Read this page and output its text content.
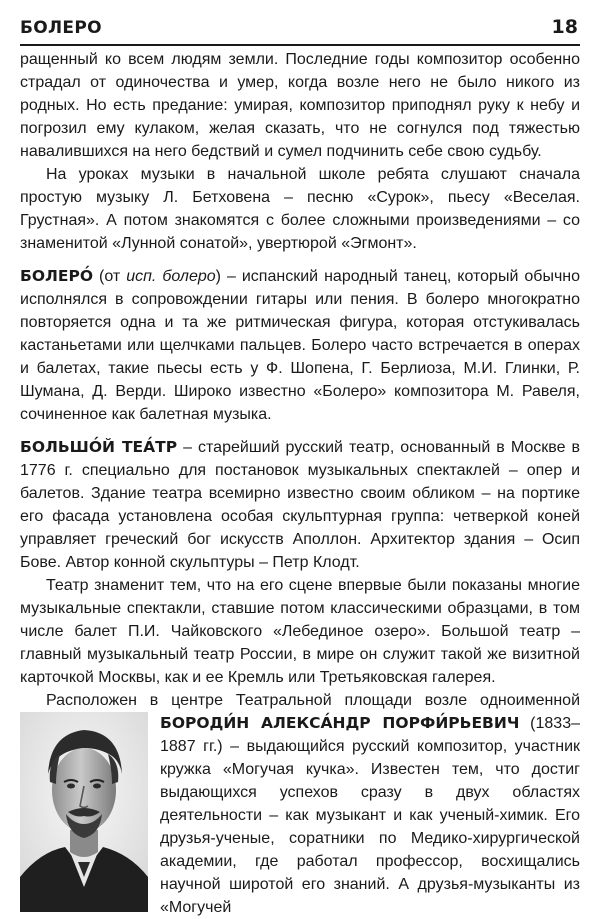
БОЛЕРО	18

ращенный ко всем людям земли. Последние годы композитор особенно страдал от одиночества и умер, когда возле него не было никого из родных. Но есть предание: умирая, композитор приподнял руку к небу и погрозил ему кулаком, желая сказать, что не согнулся под тяжестью навалившихся на него бедствий и сумел подчинить себе свою судьбу.

На уроках музыки в начальной школе ребята слушают сначала простую музыку Л. Бетховена – песню «Сурок», пьесу «Веселая. Грустная». А потом знакомятся с более сложными произведениями – со знаменитой «Лунной сонатой», увертюрой «Эгмонт».

БОЛЕРО́ (от исп. болеро) – испанский народный танец, который обычно исполнялся в сопровождении гитары или пения. В болеро многократно повторяется одна и та же ритмическая фигура, которая отстукивалась кастаньетами или щелчками пальцев. Болеро часто встречается в операх и балетах, такие пьесы есть у Ф. Шопена, Г. Берлиоза, М.И. Глинки, Р. Шумана, Д. Верди. Широко известно «Болеро» композитора М. Равеля, сочиненное как балетная музыка.

БОЛЬШО́Й ТЕА́ТР – старейший русский театр, основанный в Москве в 1776 г. специально для постановок музыкальных спектаклей – опер и балетов. Здание театра всемирно известно своим обликом – на портике его фасада установлена особая скульптурная группа: четверкой коней управляет греческий бог искусств Аполлон. Архитектор здания – Осип Бове. Автор конной скульптуры – Петр Клодт.

Театр знаменит тем, что на его сцене впервые были показаны многие музыкальные спектакли, ставшие потом классическими образцами, в том числе балет П.И. Чайковского «Лебединое озеро». Большой театр – главный музыкальный театр России, в мире он служит такой же визитной карточкой Москвы, как и ее Кремль или Третьяковская галерея.

Расположен в центре Театральной площади возле одноименной

БОРОДИ́Н АЛЕКСА́НДР ПОРФИ́РЬЕВИЧ (1833–1887 гг.) – выдающийся русский композитор, участник кружка «Могучая кучка». Известен тем, что достиг выдающихся успехов сразу в двух областях деятельности – как музыкант и как ученый-химик. Его друзья-ученые, соратники по Медико-хирургической академии, где работал профессор, восхищались научной широтой его знаний. А друзья-музыканты из «Могучей
